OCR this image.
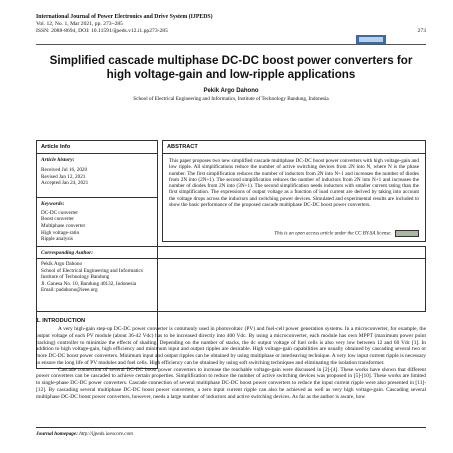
International Journal of Power Electronics and Drive System (IJPEDS)
Vol. 12, No. 1, Mar 2021, pp. 273~285
ISSN: 2088-8694, DOI: 10.11591/ijpeds.v12.i1.pp273-285	273
Simplified cascade multiphase DC-DC boost power converters for high voltage-gain and low-ripple applications
Pekik Argo Dahono
School of Electrical Engineering and Informatics, Institute of Technology Bandung, Indonesia
Article Info
Article history:
Received Jul 16, 2020
Revised Jan 12, 2021
Accepted Jan 24, 2021
Keywords:
DC-DC converter
Boost converter
Multiphase converter
High voltage-ratio
Ripple analysis
ABSTRACT
This paper proposes two new simplified cascade multiphase DC-DC boost power converters with high voltage-gain and low ripple. All simplifications reduce the number of active switching devices from 2N into N, where N is the phase number. The first simplification reduces the number of inductors from 2N into N+1 and increases the number of diodes from 2N into (2N+1). The second simplification reduces the number of inductors from 2N into N+1 and increases the number of diodes from 2N into (3N+1). The second simplification needs inductors with smaller current rating than the first simplification. The expressions of output voltage as a function of load current are derived by taking into account the voltage drops across the inductors and switching power devices. Simulated and experimental results are included to show the basic performance of the proposed cascade multiphase DC-DC boost power converters.
This is an open access article under the CC BY-SA license.
Corresponding Author:
Pekik Argo Dahono
School of Electrical Engineering and Informatics
Institute of Technology Bandung
Jl. Ganesa No. 10, Bandung 40132, Indonesia
Email: padahono@ieee.org
1. INTRODUCTION

A very high-gain step-up DC-DC power converter is commonly used in photovoltaic (PV) and fuel-cell power generation systems. In a microconverter, for example, the output voltage of each PV module (about 36-42 Vdc) has to be increased directly into 400 Vdc. By using a microconverter, each module has own MPPT (maximum power point tracking) controller to minimize the effects of shading. Depending on the number of stacks, the dc output voltage of fuel cells is also very low between 12 and 60 Vdc [1]. In addition to high voltage-gain, high efficiency and minimum input and output ripples are desirable. High voltage-gain capabilities are usually obtained by cascading several two or more DC-DC boost power converters. Minimum input and output ripples can be obtained by using multiphase or interleaving technique. A very low input current ripple is necessary to ensure the long life of PV modules and fuel cells. High efficiency can be obtained by using soft switching techniques and eliminating the isolation transformer.

Cascade connection of several DC-DC boost power converters to increase the reachable voltage-gain were discussed in [2]-[4]. These works have shown that different power converters can be cascaded to achieve certain properties. Simplification to reduce the number of active switching devices was proposed in [5]-[10]. These works are limited to single-phase DC-DC power converters. Cascade connection of several multiphase DC-DC boost power converters to reduce the input current ripple were also presented in [11]-[12]. By cascading several multiphase DC-DC boost power converters, a zero input current ripple can also be achieved as well as very high voltage-gain. Cascading several multiphase DC-DC boost power converters, however, needs a large number of inductors and active switching devices. As far as the author is aware, how

Journal homepage: http://ijpeds.iaescore.com
